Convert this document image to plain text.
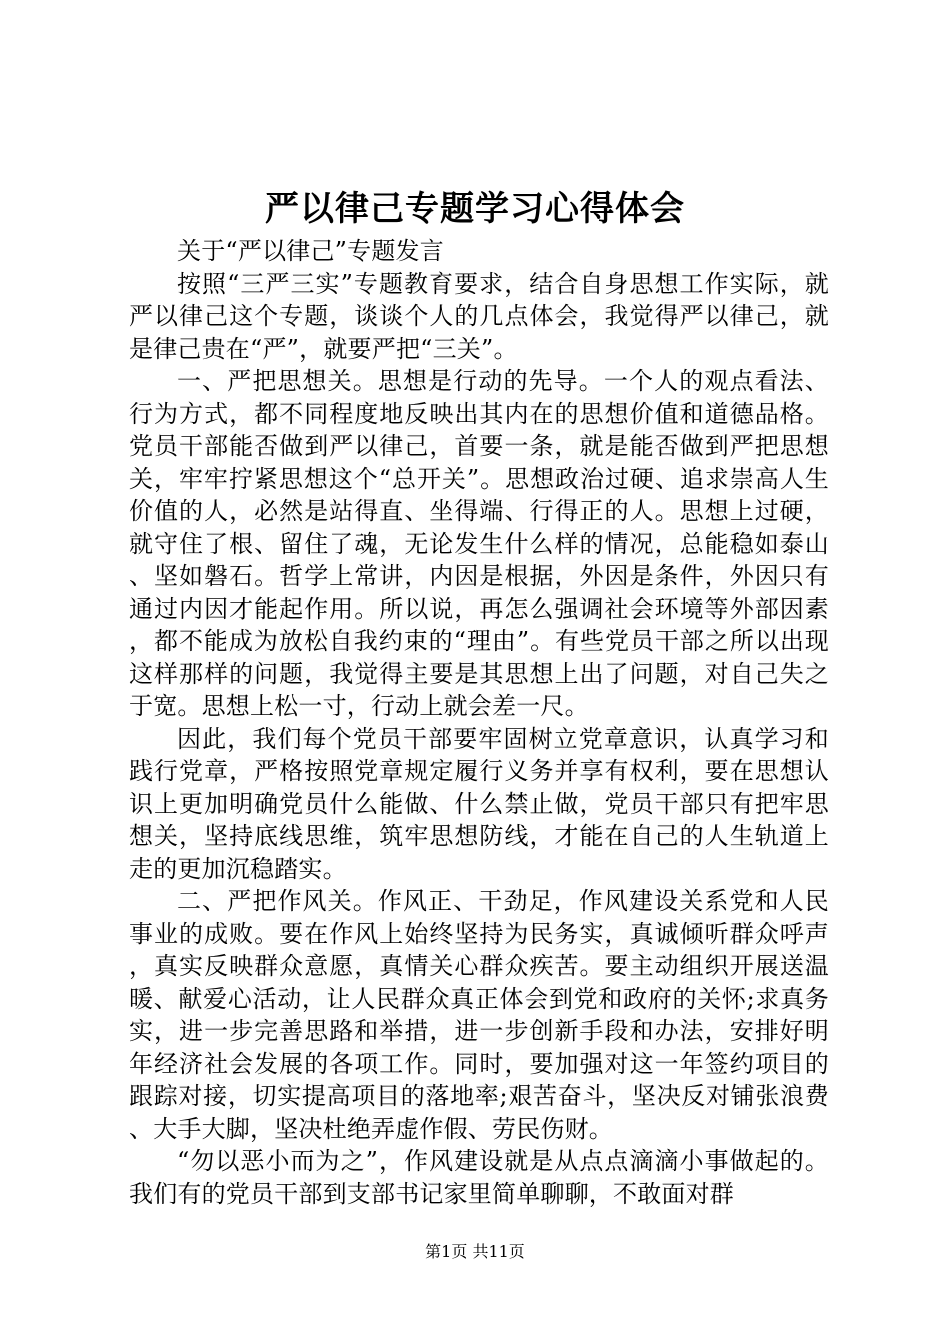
严以律己专题学习心得体会

关于“严以律己”专题发言

按照“三严三实”专题教育要求，结合自身思想工作实际，就严以律己这个专题，谈谈个人的几点体会，我觉得严以律己，就是律己贵在“严”，就要严把“三关”。

一、严把思想关。思想是行动的先导。一个人的观点看法、行为方式，都不同程度地反映出其内在的思想价值和道德品格。党员干部能否做到严以律己，首要一条，就是能否做到严把思想关，牢牢拧紧思想这个“总开关”。思想政治过硬、追求崇高人生价值的人，必然是站得直、坐得端、行得正的人。思想上过硬，就守住了根、留住了魂，无论发生什么样的情况，总能稳如泰山、坚如磐石。哲学上常讲，内因是根据，外因是条件，外因只有通过内因才能起作用。所以说，再怎么强调社会环境等外部因素，都不能成为放松自我约束的“理由”。有些党员干部之所以出现这样那样的问题，我觉得主要是其思想上出了问题，对自己失之于宽。思想上松一寸，行动上就会差一尺。

因此，我们每个党员干部要牢固树立党章意识，认真学习和践行党章，严格按照党章规定履行义务并享有权利，要在思想认识上更加明确党员什么能做、什么禁止做，党员干部只有把牢思想关，坚持底线思维，筑牢思想防线，才能在自己的人生轨道上走的更加沉稳踏实。

二、严把作风关。作风正、干劲足，作风建设关系党和人民事业的成败。要在作风上始终坚持为民务实，真诚倾听群众呼声，真实反映群众意愿，真情关心群众疾苦。要主动组织开展送温暖、献爱心活动，让人民群众真正体会到党和政府的关怀;求真务实，进一步完善思路和举措，进一步创新手段和办法，安排好明年经济社会发展的各项工作。同时，要加强对这一年签约项目的跟踪对接，切实提高项目的落地率;艰苦奋斗，坚决反对铺张浪费、大手大脚，坚决杜绝弄虚作假、劳民伤财。

“勿以恶小而为之”，作风建设就是从点点滴滴小事做起的。我们有的党员干部到支部书记家里简单聊聊，不敢面对群

第1页 共11页
